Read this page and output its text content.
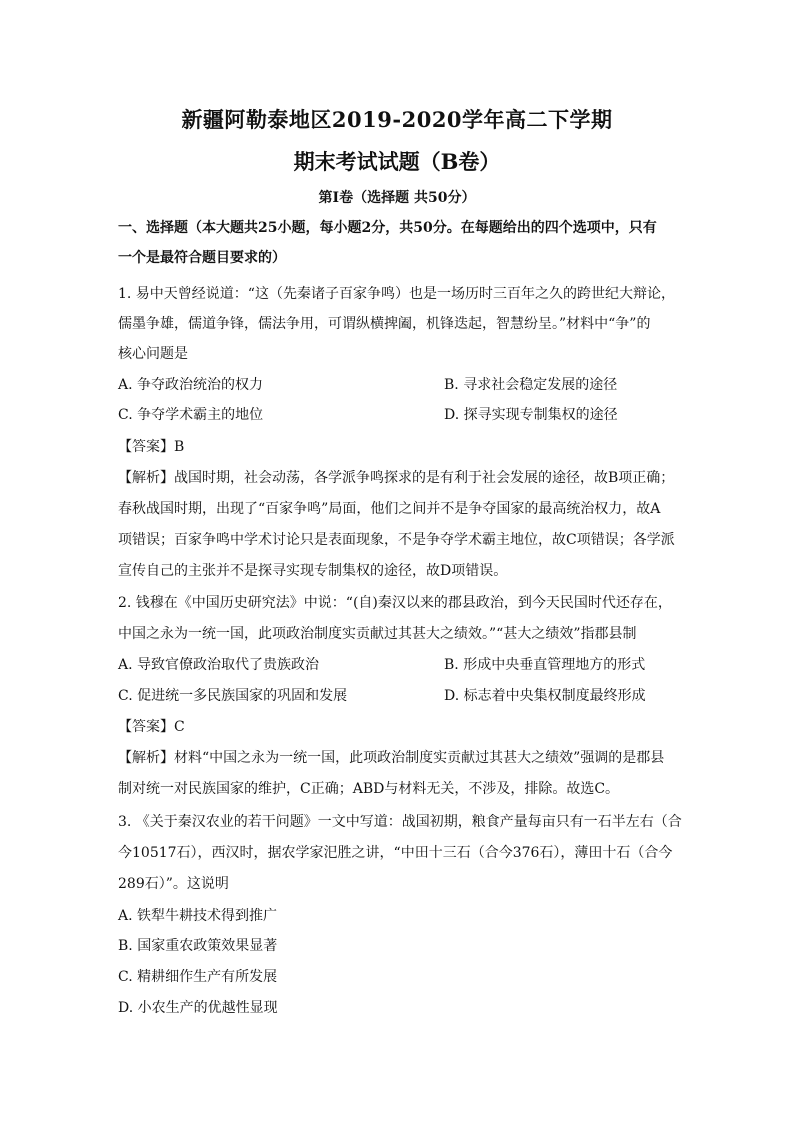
新疆阿勒泰地区2019-2020学年高二下学期
期末考试试题（B卷）
第Ⅰ卷（选择题 共50分）
一、选择题（本大题共25小题，每小题2分，共50分。在每题给出的四个选项中，只有
一个是最符合题目要求的）
1. 易中天曾经说道：“这（先秦诸子百家争鸣）也是一场历时三百年之久的跨世纪大辩论，
儒墨争雄，儒道争锋，儒法争用，可谓纵横捭阖，机锋迭起，智慧纷呈。”材料中“争”的
核心问题是
A. 争夺政治统治的权力	B. 寻求社会稳定发展的途径
C. 争夺学术霸主的地位	D. 探寻实现专制集权的途径
【答案】B
【解析】战国时期，社会动荡，各学派争鸣探求的是有利于社会发展的途径，故B项正确；
春秋战国时期，出现了“百家争鸣”局面，他们之间并不是争夺国家的最高统治权力，故A
项错误；百家争鸣中学术讨论只是表面现象，不是争夺学术霸主地位，故C项错误；各学派
宣传自己的主张并不是探寻实现专制集权的途径，故D项错误。
2. 钱穆在《中国历史研究法》中说：“(自)秦汉以来的郡县政治，到今天民国时代还存在，
中国之永为一统一国，此项政治制度实贡献过其甚大之绩效。”“甚大之绩效”指郡县制
A. 导致官僚政治取代了贵族政治	B. 形成中央垂直管理地方的形式
C. 促进统一多民族国家的巩固和发展	D. 标志着中央集权制度最终形成
【答案】C
【解析】材料“中国之永为一统一国，此项政治制度实贡献过其甚大之绩效”强调的是郡县
制对统一对民族国家的维护，C正确；ABD与材料无关，不涉及，排除。故选C。
3. 《关于秦汉农业的若干问题》一文中写道：战国初期，粮食产量每亩只有一石半左右（合
今10517石），西汉时，据农学家汜胜之讲，“中田十三石（合今376石），薄田十石（合今
289石）”。这说明
A. 铁犁牛耕技术得到推广
B. 国家重农政策效果显著
C. 精耕细作生产有所发展
D. 小农生产的优越性显现
